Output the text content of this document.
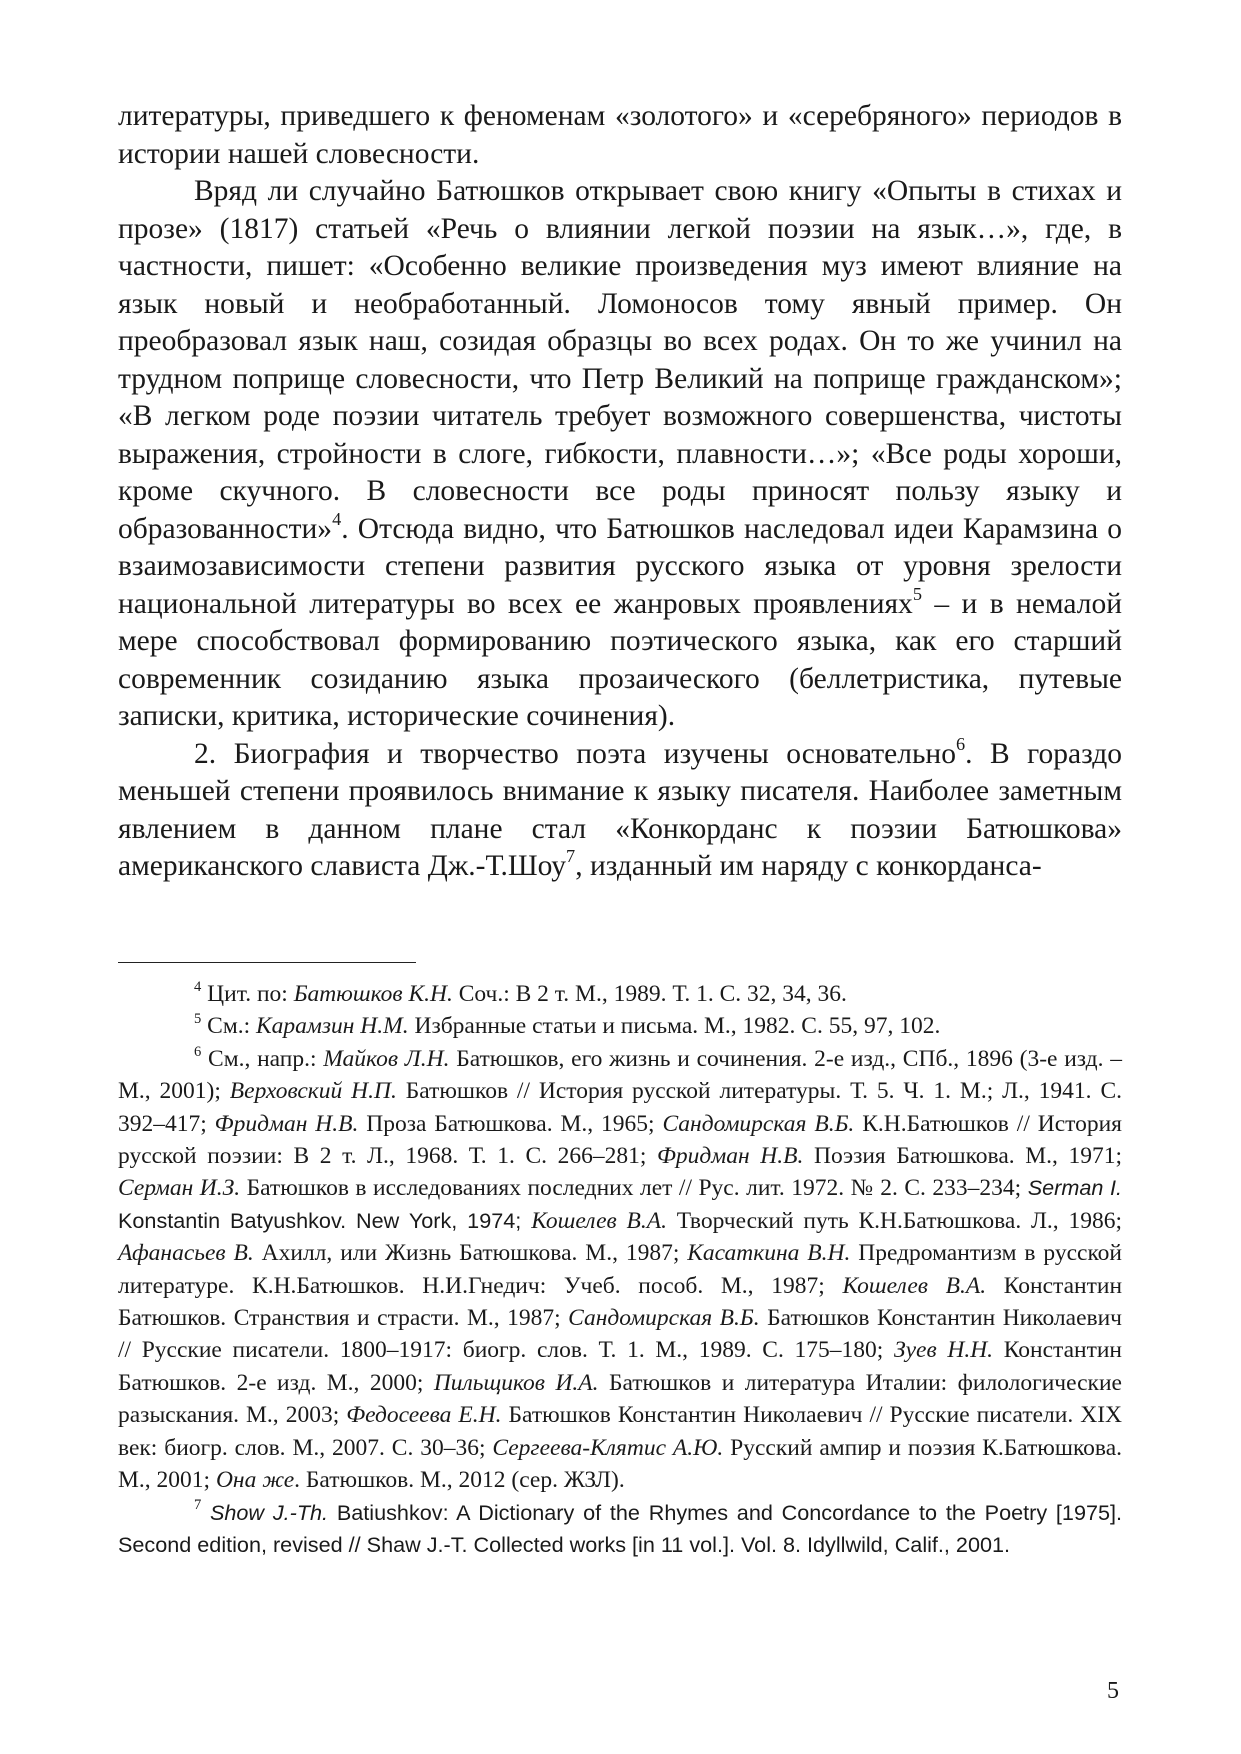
литературы, приведшего к феноменам «золотого» и «серебряного» периодов в истории нашей словесности.

Вряд ли случайно Батюшков открывает свою книгу «Опыты в стихах и прозе» (1817) статьей «Речь о влиянии легкой поэзии на язык…», где, в частности, пишет: «Особенно великие произведения муз имеют влияние на язык новый и необработанный. Ломоносов тому явный пример. Он преобразовал язык наш, созидая образцы во всех родах. Он то же учинил на трудном поприще словесности, что Петр Великий на поприще гражданском»; «В легком роде поэзии читатель требует возможного совершенства, чистоты выражения, стройности в слоге, гибкости, плавности…»; «Все роды хороши, кроме скучного. В словесности все роды приносят пользу языку и образованности»$^4$. Отсюда видно, что Батюшков наследовал идеи Карамзина о взаимозависимости степени развития русского языка от уровня зрелости национальной литературы во всех ее жанровых проявлениях$^5$ – и в немалой мере способствовал формированию поэтического языка, как его старший современник созиданию языка прозаического (беллетристика, путевые записки, критика, исторические сочинения).

2. Биография и творчество поэта изучены основательно$^6$. В гораздо меньшей степени проявилось внимание к языку писателя. Наиболее заметным явлением в данном плане стал «Конкорданс к поэзии Батюшкова» американского слависта Дж.-Т.Шоу$^7$, изданный им наряду с конкорданса-

$^4$ Цит. по: Батюшков К.Н. Соч.: В 2 т. М., 1989. Т. 1. С. 32, 34, 36.

$^5$ См.: Карамзин Н.М. Избранные статьи и письма. М., 1982. С. 55, 97, 102.

$^6$ См., напр.: Майков Л.Н. Батюшков, его жизнь и сочинения. 2-е изд., СПб., 1896 (3-е изд. – М., 2001); Верховский Н.П. Батюшков // История русской литературы. Т. 5. Ч. 1. М.; Л., 1941. С. 392–417; Фридман Н.В. Проза Батюшкова. М., 1965; Сандомирская В.Б. К.Н.Батюшков // История русской поэзии: В 2 т. Л., 1968. Т. 1. С. 266–281; Фридман Н.В. Поэзия Батюшкова. М., 1971; Серман И.З. Батюшков в исследованиях последних лет // Рус. лит. 1972. № 2. С. 233–234; Serman I. Konstantin Batyushkov. New York, 1974; Кошелев В.А. Творческий путь К.Н.Батюшкова. Л., 1986; Афанасьев В. Ахилл, или Жизнь Батюшкова. М., 1987; Касаткина В.Н. Предромантизм в русской литературе. К.Н.Батюшков. Н.И.Гнедич: Учеб. пособ. М., 1987; Кошелев В.А. Константин Батюшков. Странствия и страсти. М., 1987; Сандомирская В.Б. Батюшков Константин Николаевич // Русские писатели. 1800–1917: биогр. слов. Т. 1. М., 1989. С. 175–180; Зуев Н.Н. Константин Батюшков. 2-е изд. М., 2000; Пильщиков И.А. Батюшков и литература Италии: филологические разыскания. М., 2003; Федосеева Е.Н. Батюшков Константин Николаевич // Русские писатели. XIX век: биогр. слов. М., 2007. С. 30–36; Сергеева-Клятис А.Ю. Русский ампир и поэзия К.Батюшкова. М., 2001; Она же. Батюшков. М., 2012 (сер. ЖЗЛ).

$^7$ Show J.-Th. Batiushkov: A Dictionary of the Rhymes and Concordance to the Poetry [1975]. Second edition, revised // Shaw J.-T. Collected works [in 11 vol.]. Vol. 8. Idyllwild, Calif., 2001.

5
